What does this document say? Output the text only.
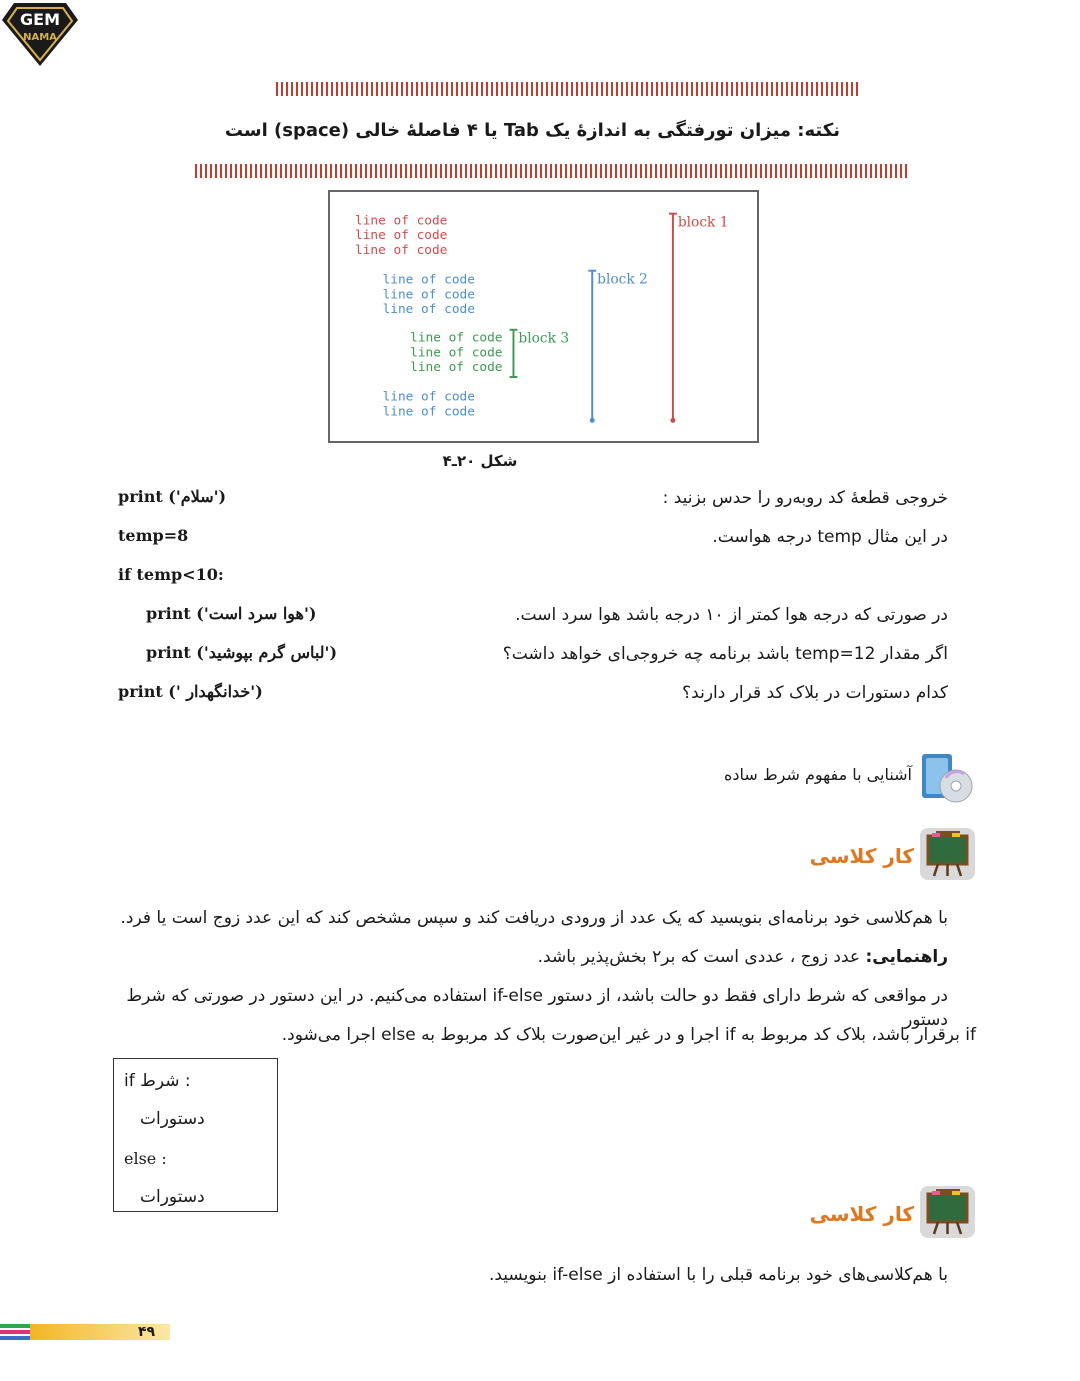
GEM
NAMA
نکته: میزان تورفتگی به اندازهٔ یک Tab یا ۴ فاصلهٔ خالی (space) است
line of code
line of code
line of code
line of code
line of code
line of code
line of code
line of code
line of code
line of code
line of code
block 1
block 2
block 3
شکل ۲۰ـ۴
خروجی قطعهٔ کد روبه‌رو را حدس بزنید :
در این مثال temp درجه هواست.
در صورتی که درجه هوا کمتر از ۱۰ درجه باشد هوا سرد است.
اگر مقدار temp=12 باشد برنامه چه خروجی‌ای خواهد داشت؟
کدام دستورات در بلاک کد قرار دارند؟
print ('سلام')
temp=8
if temp<10:
print ('هوا سرد است')
print ('لباس گرم بپوشید')
print (' خدانگهدار')
آشنایی با مفهوم شرط ساده
کار کلاسی
با هم‌کلاسی خود برنامه‌ای بنویسید که یک عدد از ورودی دریافت کند و سپس مشخص کند که این عدد زوج است یا فرد.
راهنمایی: عدد زوج ، عددی است که بر۲ بخش‌پذیر باشد.
در مواقعی که شرط دارای فقط دو حالت باشد، از دستور if-else استفاده می‌کنیم. در این دستور در صورتی که شرط دستور
if برقرار باشد، بلاک کد مربوط به if اجرا و در غیر این‌صورت بلاک کد مربوط به else اجرا می‌شود.
if شرط :
دستورات
else :
دستورات
کار کلاسی
با هم‌کلاسی‌های خود برنامه قبلی را با استفاده از if-else بنویسید.
۴۹
